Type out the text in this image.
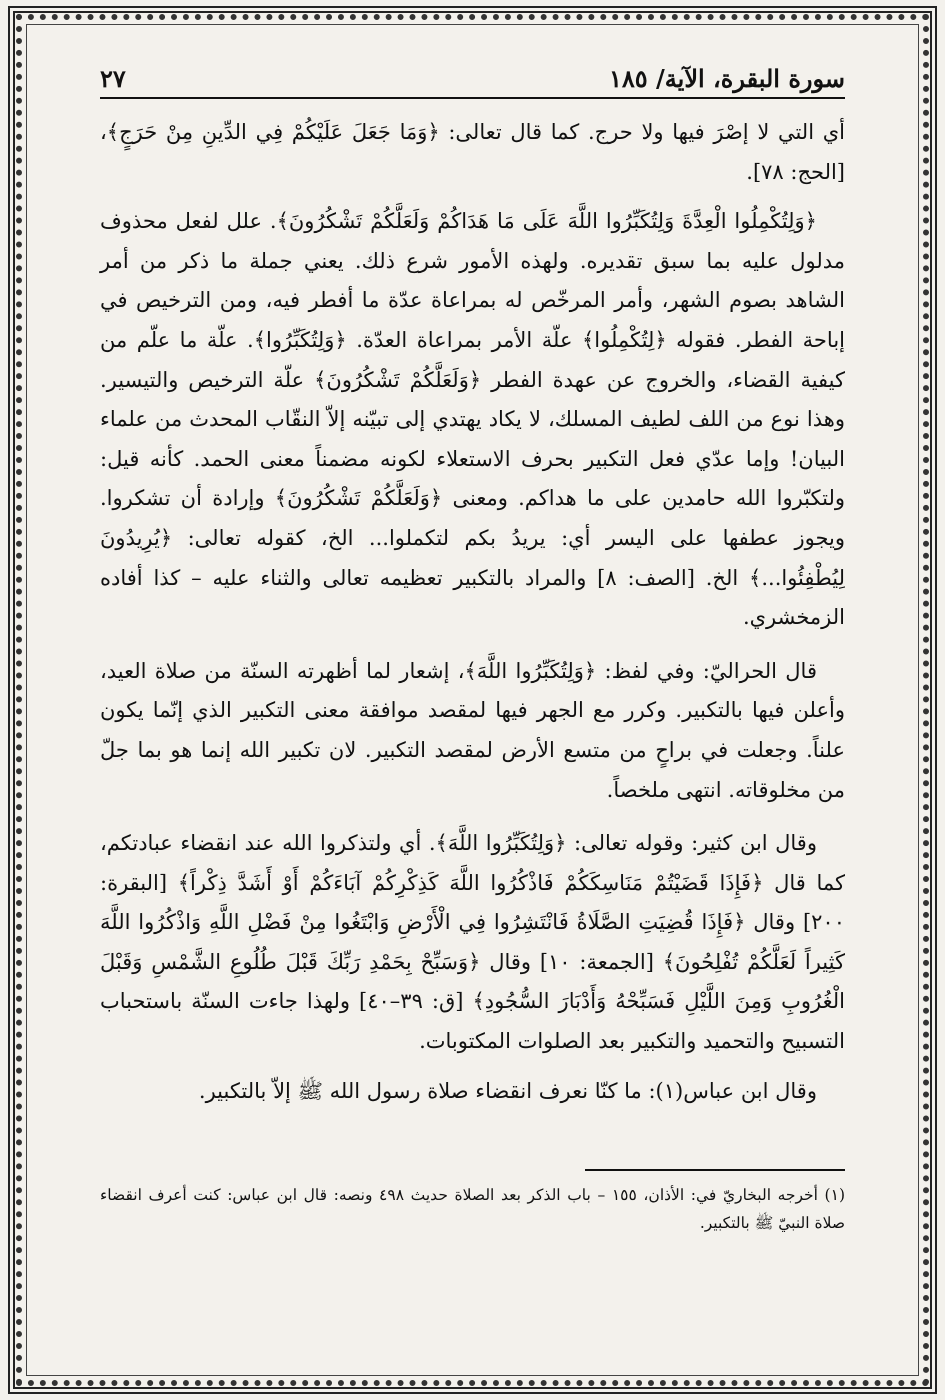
سورة البقرة، الآية/ ١٨٥
٢٧

أي التي لا إصْرَ فيها ولا حرج. كما قال تعالى: ﴿وَمَا جَعَلَ عَلَيْكُمْ فِي الدِّينِ مِنْ حَرَجٍ﴾، [الحج: ٧٨].

﴿وَلِتُكْمِلُوا الْعِدَّةَ وَلِتُكَبِّرُوا اللَّهَ عَلَى مَا هَدَاكُمْ وَلَعَلَّكُمْ تَشْكُرُونَ﴾. علل لفعل محذوف مدلول عليه بما سبق تقديره. ولهذه الأمور شرع ذلك. يعني جملة ما ذكر من أمر الشاهد بصوم الشهر، وأمر المرخّص له بمراعاة عدّة ما أفطر فيه، ومن الترخيص في إباحة الفطر. فقوله ﴿لِتُكْمِلُوا﴾ علّة الأمر بمراعاة العدّة. ﴿وَلِتُكَبِّرُوا﴾. علّة ما علّم من كيفية القضاء، والخروج عن عهدة الفطر ﴿وَلَعَلَّكُمْ تَشْكُرُونَ﴾ علّة الترخيص والتيسير. وهذا نوع من اللف لطيف المسلك، لا يكاد يهتدي إلى تبيّنه إلاّ النقّاب المحدث من علماء البيان! وإما عدّي فعل التكبير بحرف الاستعلاء لكونه مضمناً معنى الحمد. كأنه قيل: ولتكبّروا الله حامدين على ما هداكم. ومعنى ﴿وَلَعَلَّكُمْ تَشْكُرُونَ﴾ وإرادة أن تشكروا. ويجوز عطفها على اليسر أي: يريدُ بكم لتكملوا... الخ، كقوله تعالى: ﴿يُرِيدُونَ لِيُطْفِئُوا...﴾ الخ. [الصف: ٨] والمراد بالتكبير تعظيمه تعالى والثناء عليه – كذا أفاده الزمخشري.

قال الحراليّ: وفي لفظ: ﴿وَلِتُكَبِّرُوا اللَّهَ﴾، إشعار لما أظهرته السنّة من صلاة العيد، وأعلن فيها بالتكبير. وكرر مع الجهر فيها لمقصد موافقة معنى التكبير الذي إنّما يكون علناً. وجعلت في براحٍ من متسع الأرض لمقصد التكبير. لان تكبير الله إنما هو بما جلّ من مخلوقاته. انتهى ملخصاً.

وقال ابن كثير: وقوله تعالى: ﴿وَلِتُكَبِّرُوا اللَّهَ﴾. أي ولتذكروا الله عند انقضاء عبادتكم، كما قال ﴿فَإِذَا قَضَيْتُمْ مَنَاسِكَكُمْ فَاذْكُرُوا اللَّهَ كَذِكْرِكُمْ آبَاءَكُمْ أَوْ أَشَدَّ ذِكْراً﴾ [البقرة: ٢٠٠] وقال ﴿فَإِذَا قُضِيَتِ الصَّلَاةُ فَانْتَشِرُوا فِي الْأَرْضِ وَابْتَغُوا مِنْ فَضْلِ اللَّهِ وَاذْكُرُوا اللَّهَ كَثِيراً لَعَلَّكُمْ تُفْلِحُونَ﴾ [الجمعة: ١٠] وقال ﴿وَسَبِّحْ بِحَمْدِ رَبِّكَ قَبْلَ طُلُوعِ الشَّمْسِ وَقَبْلَ الْغُرُوبِ وَمِنَ اللَّيْلِ فَسَبِّحْهُ وَأَدْبَارَ السُّجُودِ﴾ [ق: ٣٩–٤٠] ولهذا جاءت السنّة باستحباب التسبيح والتحميد والتكبير بعد الصلوات المكتوبات.

وقال ابن عباس(١): ما كنّا نعرف انقضاء صلاة رسول الله ﷺ إلاّ بالتكبير.

(١) أخرجه البخاريّ في: الأذان، ١٥٥ – باب الذكر بعد الصلاة حديث ٤٩٨ ونصه: قال ابن عباس: كنت أعرف انقضاء صلاة النبيّ ﷺ بالتكبير.
